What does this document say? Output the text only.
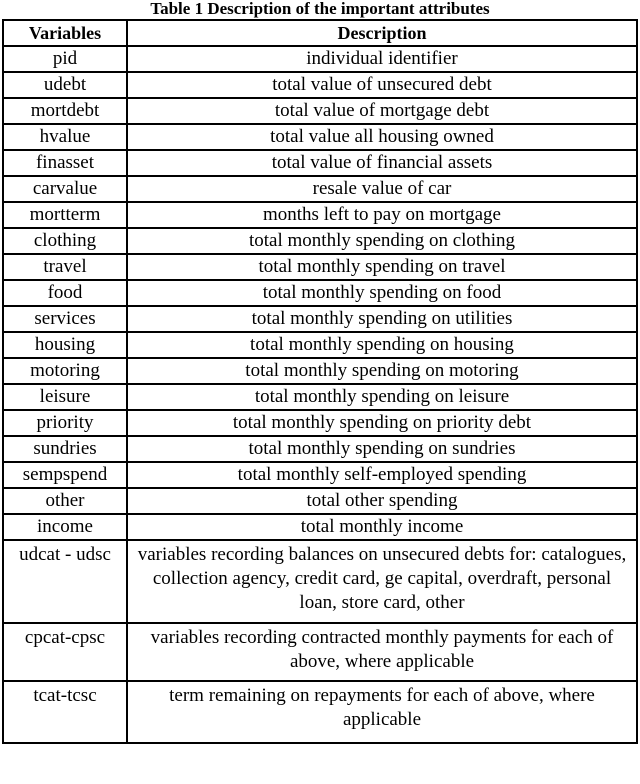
Table 1 Description of the important attributes
Variables	Description
pid	individual identifier
udebt	total value of unsecured debt
mortdebt	total value of mortgage debt
hvalue	total value all housing owned
finasset	total value of financial assets
carvalue	resale value of car
mortterm	months left to pay on mortgage
clothing	total monthly spending on clothing
travel	total monthly spending on travel
food	total monthly spending on food
services	total monthly spending on utilities
housing	total monthly spending on housing
motoring	total monthly spending on motoring
leisure	total monthly spending on leisure
priority	total monthly spending on priority debt
sundries	total monthly spending on sundries
sempspend	total monthly self-employed spending
other	total other spending
income	total monthly income
udcat - udsc	variables recording balances on unsecured debts for: catalogues, collection agency, credit card, ge capital, overdraft, personal loan, store card, other
cpcat-cpsc	variables recording contracted monthly payments for each of above, where applicable
tcat-tcsc	term remaining on repayments for each of above, where applicable
